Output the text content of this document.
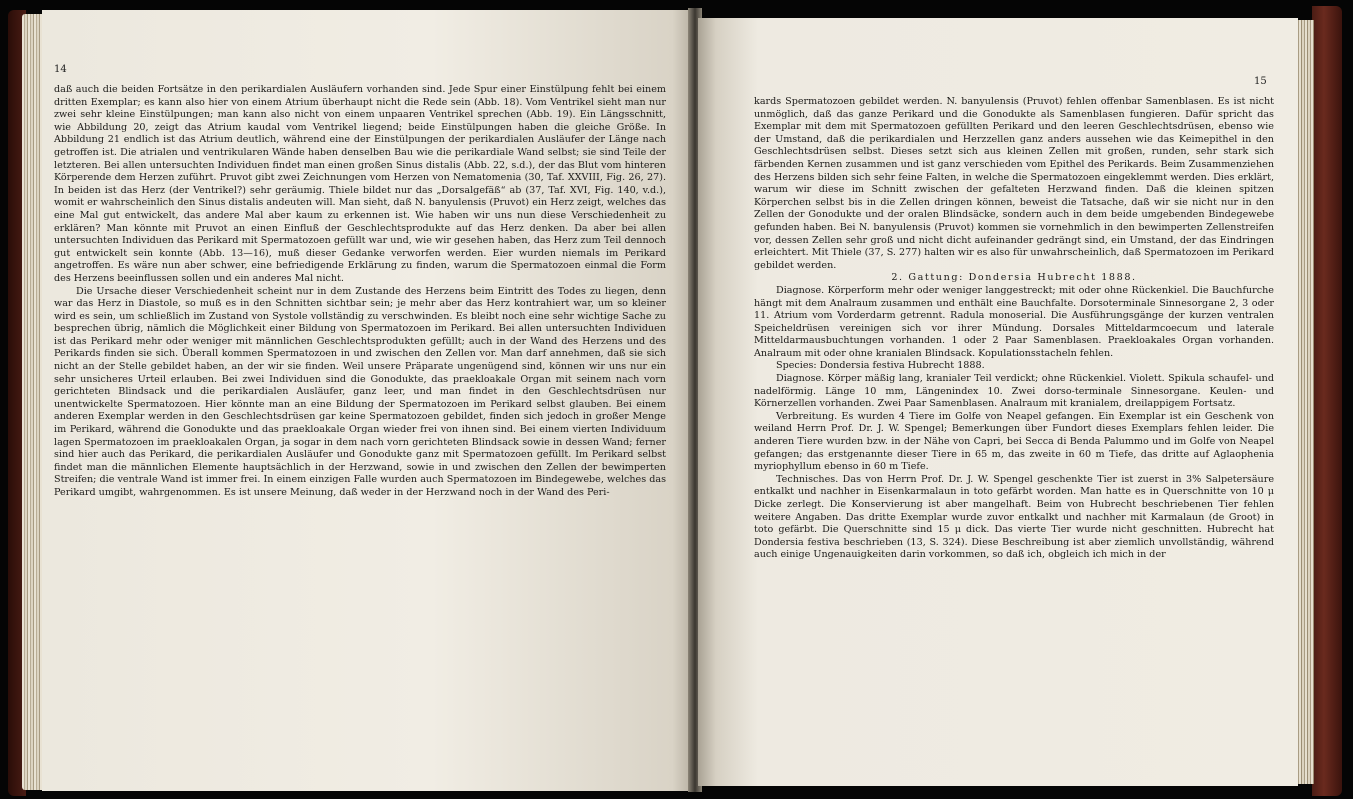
14

daß auch die beiden Fortsätze in den perikardialen Ausläufern vorhanden sind. Jede Spur einer Einstülpung fehlt bei einem dritten Exemplar; es kann also hier von einem Atrium überhaupt nicht die Rede sein (Abb. 18). Vom Ventrikel sieht man nur zwei sehr kleine Einstülpungen; man kann also nicht von einem unpaaren Ventrikel sprechen (Abb. 19). Ein Längsschnitt, wie Abbildung 20, zeigt das Atrium kaudal vom Ventrikel liegend; beide Einstülpungen haben die gleiche Größe. In Abbildung 21 endlich ist das Atrium deutlich, während eine der Einstülpungen der perikardialen Ausläufer der Länge nach getroffen ist. Die atrialen und ventrikularen Wände haben denselben Bau wie die perikardiale Wand selbst; sie sind Teile der letzteren. Bei allen untersuchten Individuen findet man einen großen Sinus distalis (Abb. 22, s.d.), der das Blut vom hinteren Körperende dem Herzen zuführt. Pruvot gibt zwei Zeichnungen vom Herzen von Nematomenia (30, Taf. XXVIII, Fig. 26, 27). In beiden ist das Herz (der Ventrikel?) sehr geräumig. Thiele bildet nur das „Dorsalgefäß“ ab (37, Taf. XVI, Fig. 140, v.d.), womit er wahrscheinlich den Sinus distalis andeuten will. Man sieht, daß N. banyulensis (Pruvot) ein Herz zeigt, welches das eine Mal gut entwickelt, das andere Mal aber kaum zu erkennen ist. Wie haben wir uns nun diese Verschiedenheit zu erklären? Man könnte mit Pruvot an einen Einfluß der Geschlechtsprodukte auf das Herz denken. Da aber bei allen untersuchten Individuen das Perikard mit Spermatozoen gefüllt war und, wie wir gesehen haben, das Herz zum Teil dennoch gut entwickelt sein konnte (Abb. 13—16), muß dieser Gedanke verworfen werden. Eier wurden niemals im Perikard angetroffen. Es wäre nun aber schwer, eine befriedigende Erklärung zu finden, warum die Spermatozoen einmal die Form des Herzens beeinflussen sollen und ein anderes Mal nicht.

Die Ursache dieser Verschiedenheit scheint nur in dem Zustande des Herzens beim Eintritt des Todes zu liegen, denn war das Herz in Diastole, so muß es in den Schnitten sichtbar sein; je mehr aber das Herz kontrahiert war, um so kleiner wird es sein, um schließlich im Zustand von Systole vollständig zu verschwinden. Es bleibt noch eine sehr wichtige Sache zu besprechen übrig, nämlich die Möglichkeit einer Bildung von Spermatozoen im Perikard. Bei allen untersuchten Individuen ist das Perikard mehr oder weniger mit männlichen Geschlechtsprodukten gefüllt; auch in der Wand des Herzens und des Perikards finden sie sich. Überall kommen Spermatozoen in und zwischen den Zellen vor. Man darf annehmen, daß sie sich nicht an der Stelle gebildet haben, an der wir sie finden. Weil unsere Präparate ungenügend sind, können wir uns nur ein sehr unsicheres Urteil erlauben. Bei zwei Individuen sind die Gonodukte, das praekloakale Organ mit seinem nach vorn gerichteten Blindsack und die perikardialen Ausläufer, ganz leer, und man findet in den Geschlechtsdrüsen nur unentwickelte Spermatozoen. Hier könnte man an eine Bildung der Spermatozoen im Perikard selbst glauben. Bei einem anderen Exemplar werden in den Geschlechtsdrüsen gar keine Spermatozoen gebildet, finden sich jedoch in großer Menge im Perikard, während die Gonodukte und das praekloakale Organ wieder frei von ihnen sind. Bei einem vierten Individuum lagen Spermatozoen im praekloakalen Organ, ja sogar in dem nach vorn gerichteten Blindsack sowie in dessen Wand; ferner sind hier auch das Perikard, die perikardialen Ausläufer und Gonodukte ganz mit Spermatozoen gefüllt. Im Perikard selbst findet man die männlichen Elemente hauptsächlich in der Herzwand, sowie in und zwischen den Zellen der bewimperten Streifen; die ventrale Wand ist immer frei. In einem einzigen Falle wurden auch Spermatozoen im Bindegewebe, welches das Perikard umgibt, wahrgenommen. Es ist unsere Meinung, daß weder in der Herzwand noch in der Wand des Peri-

15

kards Spermatozoen gebildet werden. N. banyulensis (Pruvot) fehlen offenbar Samenblasen. Es ist nicht unmöglich, daß das ganze Perikard und die Gonodukte als Samenblasen fungieren. Dafür spricht das Exemplar mit dem mit Spermatozoen gefüllten Perikard und den leeren Geschlechtsdrüsen, ebenso wie der Umstand, daß die perikardialen und Herzzellen ganz anders aussehen wie das Keimepithel in den Geschlechtsdrüsen selbst. Dieses setzt sich aus kleinen Zellen mit großen, runden, sehr stark sich färbenden Kernen zusammen und ist ganz verschieden vom Epithel des Perikards. Beim Zusammenziehen des Herzens bilden sich sehr feine Falten, in welche die Spermatozoen eingeklemmt werden. Dies erklärt, warum wir diese im Schnitt zwischen der gefalteten Herzwand finden. Daß die kleinen spitzen Körperchen selbst bis in die Zellen dringen können, beweist die Tatsache, daß wir sie nicht nur in den Zellen der Gonodukte und der oralen Blindsäcke, sondern auch in dem beide umgebenden Bindegewebe gefunden haben. Bei N. banyulensis (Pruvot) kommen sie vornehmlich in den bewimperten Zellenstreifen vor, dessen Zellen sehr groß und nicht dicht aufeinander gedrängt sind, ein Umstand, der das Eindringen erleichtert. Mit Thiele (37, S. 277) halten wir es also für unwahrscheinlich, daß Spermatozoen im Perikard gebildet werden.

2. Gattung: Dondersia Hubrecht 1888.

Diagnose. Körperform mehr oder weniger langgestreckt; mit oder ohne Rückenkiel. Die Bauchfurche hängt mit dem Analraum zusammen und enthält eine Bauchfalte. Dorsoterminale Sinnesorgane 2, 3 oder 11. Atrium vom Vorderdarm getrennt. Radula monoserial. Die Ausführungsgänge der kurzen ventralen Speicheldrüsen vereinigen sich vor ihrer Mündung. Dorsales Mitteldarmcoecum und laterale Mitteldarmausbuchtungen vorhanden. 1 oder 2 Paar Samenblasen. Praekloakales Organ vorhanden. Analraum mit oder ohne kranialen Blindsack. Kopulationsstacheln fehlen.

Species: Dondersia festiva Hubrecht 1888.

Diagnose. Körper mäßig lang, kranialer Teil verdickt; ohne Rückenkiel. Violett. Spikula schaufel- und nadelförmig. Länge 10 mm, Längenindex 10. Zwei dorso-terminale Sinnesorgane. Keulen- und Körnerzellen vorhanden. Zwei Paar Samenblasen. Analraum mit kranialem, dreilappigem Fortsatz.

Verbreitung. Es wurden 4 Tiere im Golfe von Neapel gefangen. Ein Exemplar ist ein Geschenk von weiland Herrn Prof. Dr. J. W. Spengel; Bemerkungen über Fundort dieses Exemplars fehlen leider. Die anderen Tiere wurden bzw. in der Nähe von Capri, bei Secca di Benda Palummo und im Golfe von Neapel gefangen; das erstgenannte dieser Tiere in 65 m, das zweite in 60 m Tiefe, das dritte auf Aglaophenia myriophyllum ebenso in 60 m Tiefe.

Technisches. Das von Herrn Prof. Dr. J. W. Spengel geschenkte Tier ist zuerst in 3% Salpetersäure entkalkt und nachher in Eisenkarmalaun in toto gefärbt worden. Man hatte es in Querschnitte von 10 μ Dicke zerlegt. Die Konservierung ist aber mangelhaft. Beim von Hubrecht beschriebenen Tier fehlen weitere Angaben. Das dritte Exemplar wurde zuvor entkalkt und nachher mit Karmalaun (de Groot) in toto gefärbt. Die Querschnitte sind 15 μ dick. Das vierte Tier wurde nicht geschnitten. Hubrecht hat Dondersia festiva beschrieben (13, S. 324). Diese Beschreibung ist aber ziemlich unvollständig, während auch einige Ungenauigkeiten darin vorkommen, so daß ich, obgleich ich mich in der
